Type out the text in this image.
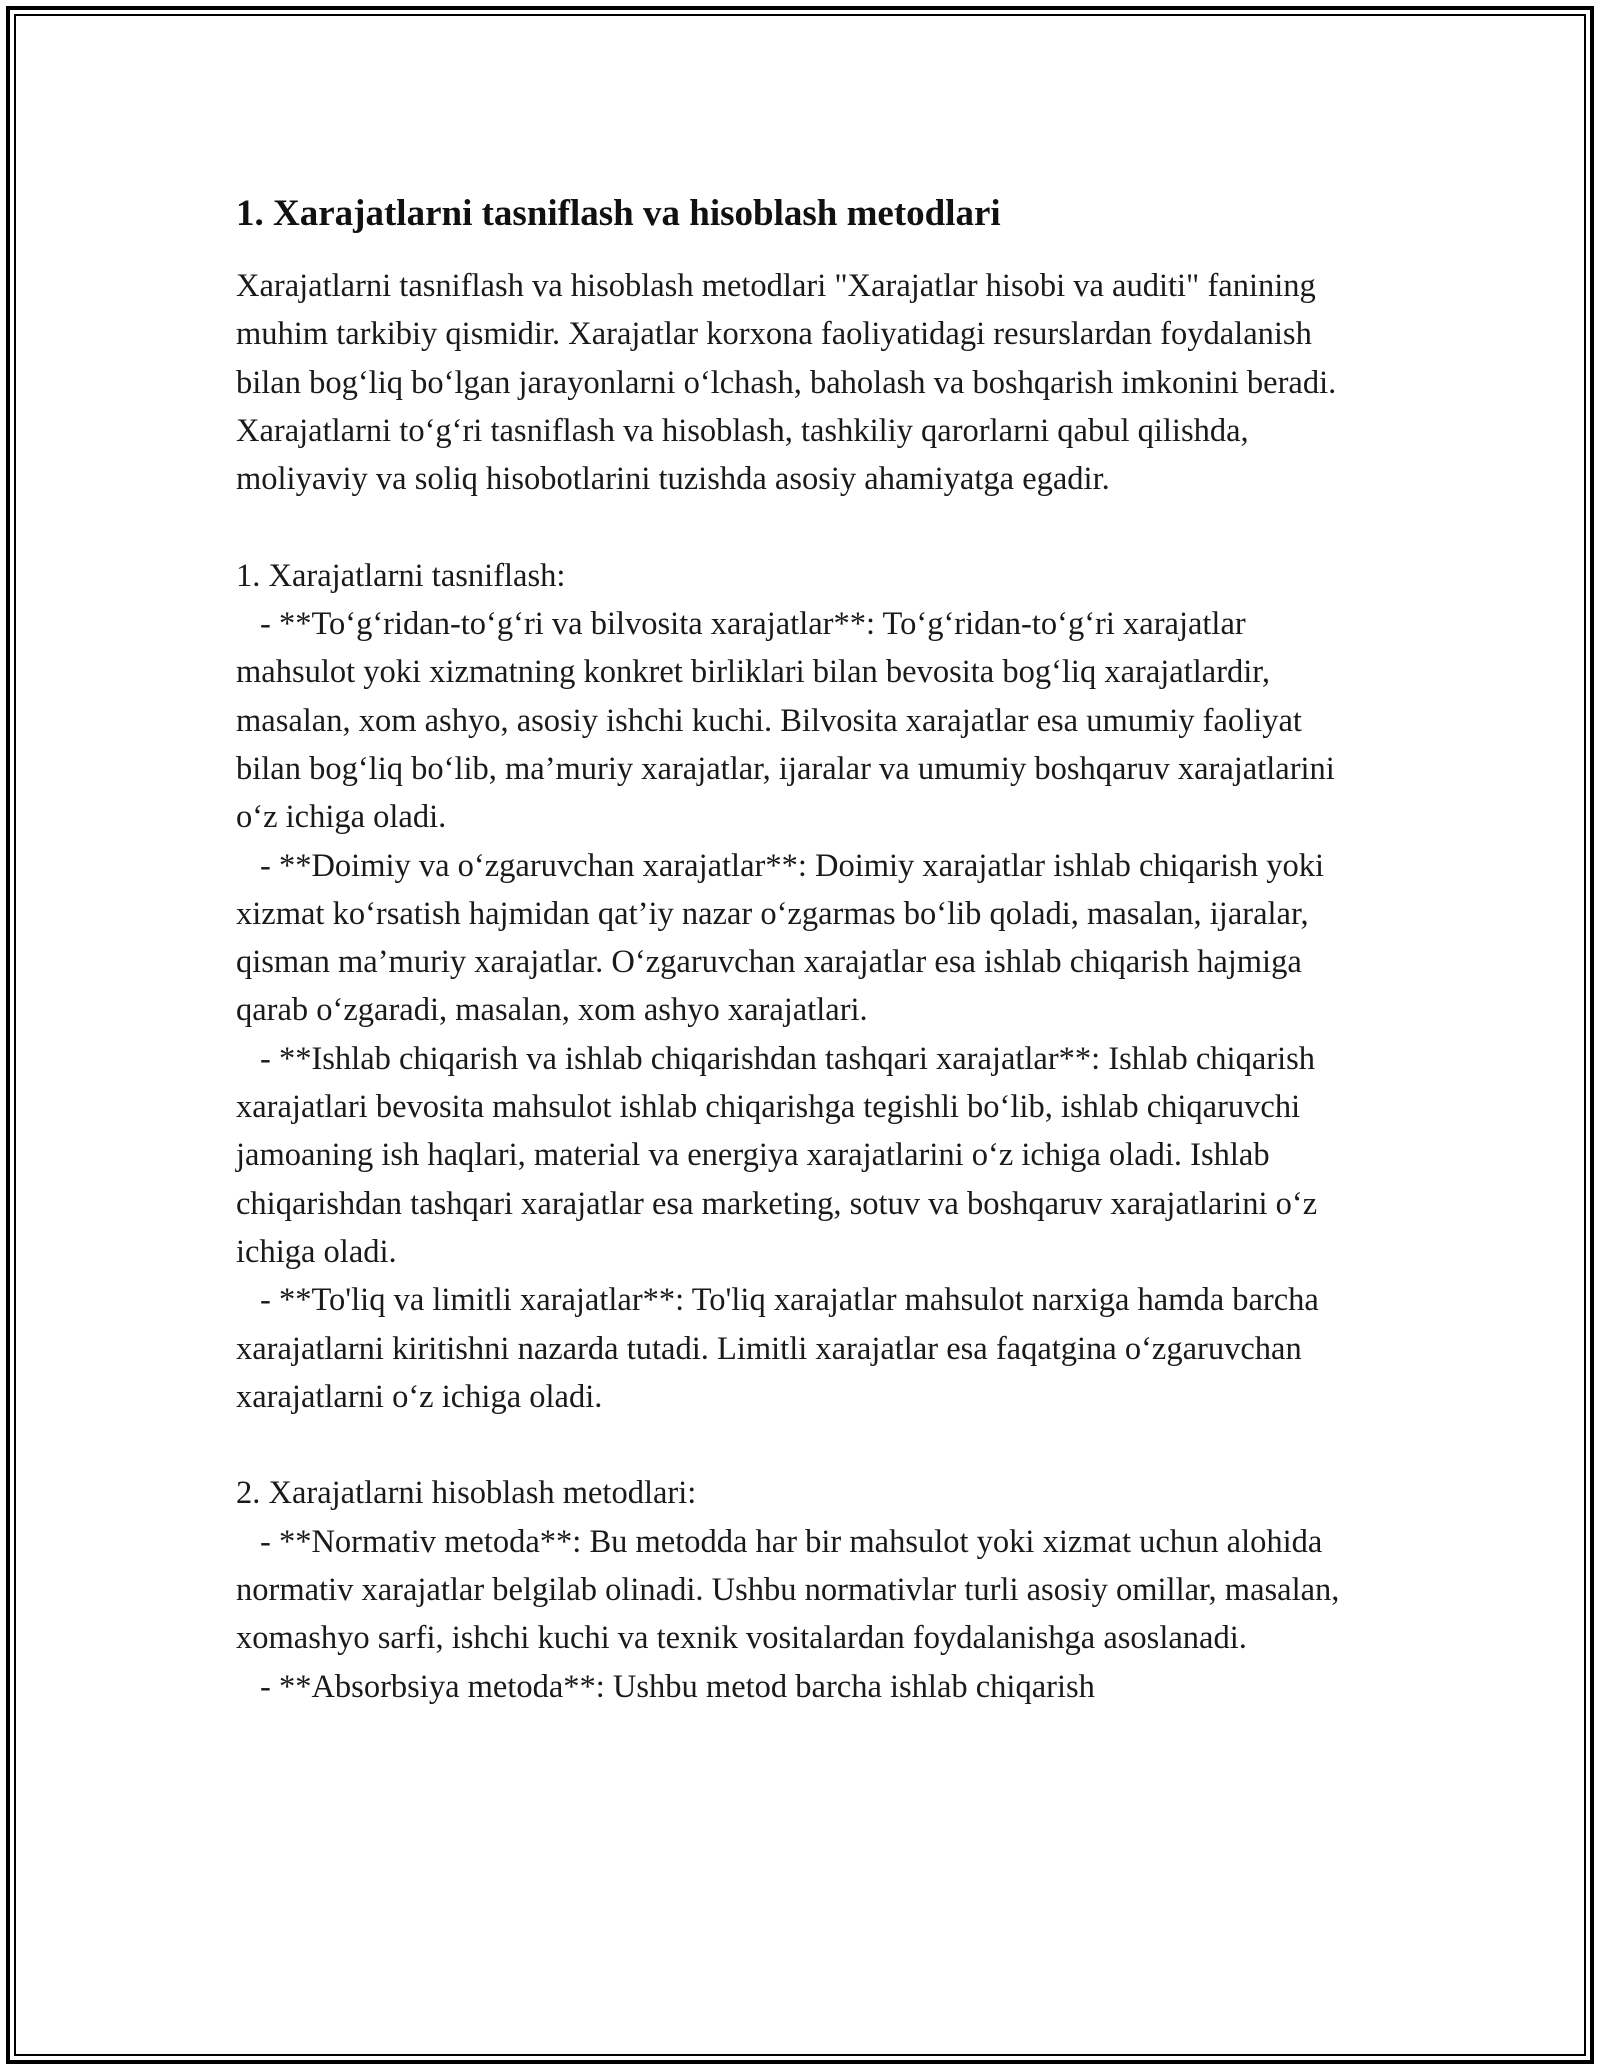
1. Xarajatlarni tasniflash va hisoblash metodlari

Xarajatlarni tasniflash va hisoblash metodlari "Xarajatlar hisobi va auditi" fanining muhim tarkibiy qismidir. Xarajatlar korxona faoliyatidagi resurslardan foydalanish bilan bog‘liq bo‘lgan jarayonlarni o‘lchash, baholash va boshqarish imkonini beradi. Xarajatlarni to‘g‘ri tasniflash va hisoblash, tashkiliy qarorlarni qabul qilishda, moliyaviy va soliq hisobotlarini tuzishda asosiy ahamiyatga egadir.

1. Xarajatlarni tasniflash:

- **To‘g‘ridan-to‘g‘ri va bilvosita xarajatlar**: To‘g‘ridan-to‘g‘ri xarajatlar mahsulot yoki xizmatning konkret birliklari bilan bevosita bog‘liq xarajatlardir, masalan, xom ashyo, asosiy ishchi kuchi. Bilvosita xarajatlar esa umumiy faoliyat bilan bog‘liq bo‘lib, ma’muriy xarajatlar, ijaralar va umumiy boshqaruv xarajatlarini o‘z ichiga oladi.

- **Doimiy va o‘zgaruvchan xarajatlar**: Doimiy xarajatlar ishlab chiqarish yoki xizmat ko‘rsatish hajmidan qat’iy nazar o‘zgarmas bo‘lib qoladi, masalan, ijaralar, qisman ma’muriy xarajatlar. O‘zgaruvchan xarajatlar esa ishlab chiqarish hajmiga qarab o‘zgaradi, masalan, xom ashyo xarajatlari.

- **Ishlab chiqarish va ishlab chiqarishdan tashqari xarajatlar**: Ishlab chiqarish xarajatlari bevosita mahsulot ishlab chiqarishga tegishli bo‘lib, ishlab chiqaruvchi jamoaning ish haqlari, material va energiya xarajatlarini o‘z ichiga oladi. Ishlab chiqarishdan tashqari xarajatlar esa marketing, sotuv va boshqaruv xarajatlarini o‘z ichiga oladi.

- **To'liq va limitli xarajatlar**: To'liq xarajatlar mahsulot narxiga hamda barcha xarajatlarni kiritishni nazarda tutadi. Limitli xarajatlar esa faqatgina o‘zgaruvchan xarajatlarni o‘z ichiga oladi.

2. Xarajatlarni hisoblash metodlari:

- **Normativ metoda**: Bu metodda har bir mahsulot yoki xizmat uchun alohida normativ xarajatlar belgilab olinadi. Ushbu normativlar turli asosiy omillar, masalan, xomashyo sarfi, ishchi kuchi va texnik vositalardan foydalanishga asoslanadi.

- **Absorbsiya metoda**: Ushbu metod barcha ishlab chiqarish
